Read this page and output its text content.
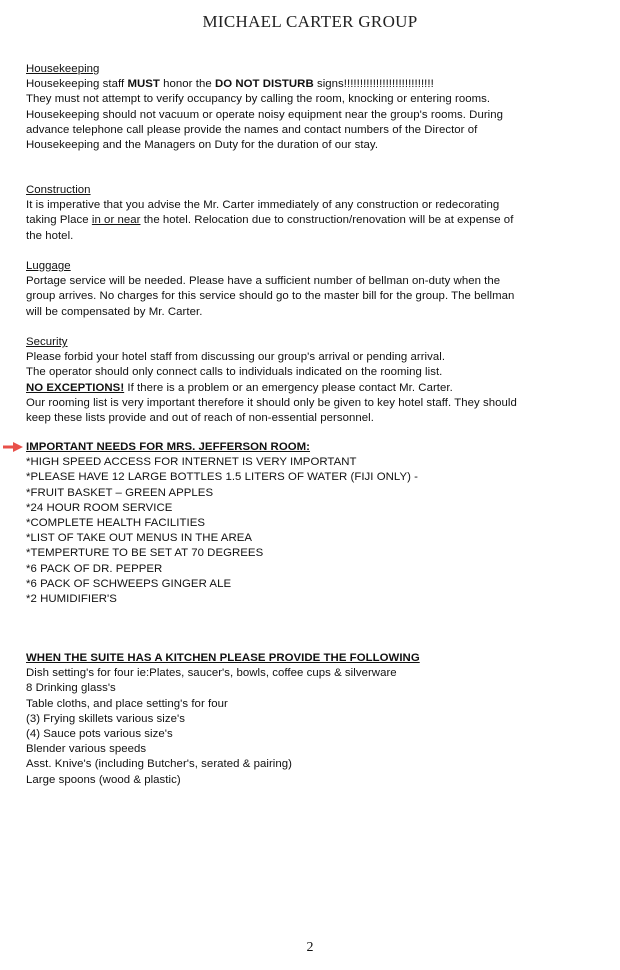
MICHAEL CARTER GROUP
Housekeeping
Housekeeping staff MUST honor the DO NOT DISTURB signs!!!!!!!!!!!!!!!!!!!!!!!!!!!!
They must not attempt to verify occupancy by calling the room, knocking or entering rooms.
Housekeeping should not vacuum or operate noisy equipment near the group's rooms. During
advance telephone call please provide the names and contact numbers of the Director of
Housekeeping and the Managers on Duty for the duration of our stay.
Construction
It is imperative that you advise the Mr. Carter immediately of any construction or redecorating
taking Place in or near the hotel. Relocation due to construction/renovation will be at expense of
the hotel.
Luggage
Portage service will be needed. Please have a sufficient number of bellman on-duty when the
group arrives. No charges for this service should go to the master bill for the group. The bellman
will be compensated by Mr. Carter.
Security
Please forbid your hotel staff from discussing our group's arrival or pending arrival.
The operator should only connect calls to individuals indicated on the rooming list.
NO EXCEPTIONS! If there is a problem or an emergency please contact Mr. Carter.
Our rooming list is very important therefore it should only be given to key hotel staff. They should
keep these lists provide and out of reach of non-essential personnel.
IMPORTANT NEEDS FOR MRS. JEFFERSON ROOM:
*HIGH SPEED ACCESS FOR INTERNET IS VERY IMPORTANT
*PLEASE HAVE 12 LARGE BOTTLES 1.5 LITERS OF WATER (FIJI ONLY) -
*FRUIT BASKET – GREEN APPLES
*24 HOUR ROOM SERVICE
*COMPLETE HEALTH FACILITIES
*LIST OF TAKE OUT MENUS IN THE AREA
*TEMPERTURE TO BE SET AT 70 DEGREES
*6 PACK OF DR. PEPPER
*6 PACK OF SCHWEEPS GINGER ALE
*2 HUMIDIFIER'S
WHEN THE SUITE HAS A KITCHEN PLEASE PROVIDE THE FOLLOWING
Dish setting's for four ie:Plates, saucer's, bowls, coffee cups & silverware
8 Drinking glass's
Table cloths, and place setting's for four
(3) Frying skillets various size's
(4) Sauce pots various size's
Blender various speeds
Asst. Knive's (including Butcher's, serated & pairing)
Large spoons (wood & plastic)
2
